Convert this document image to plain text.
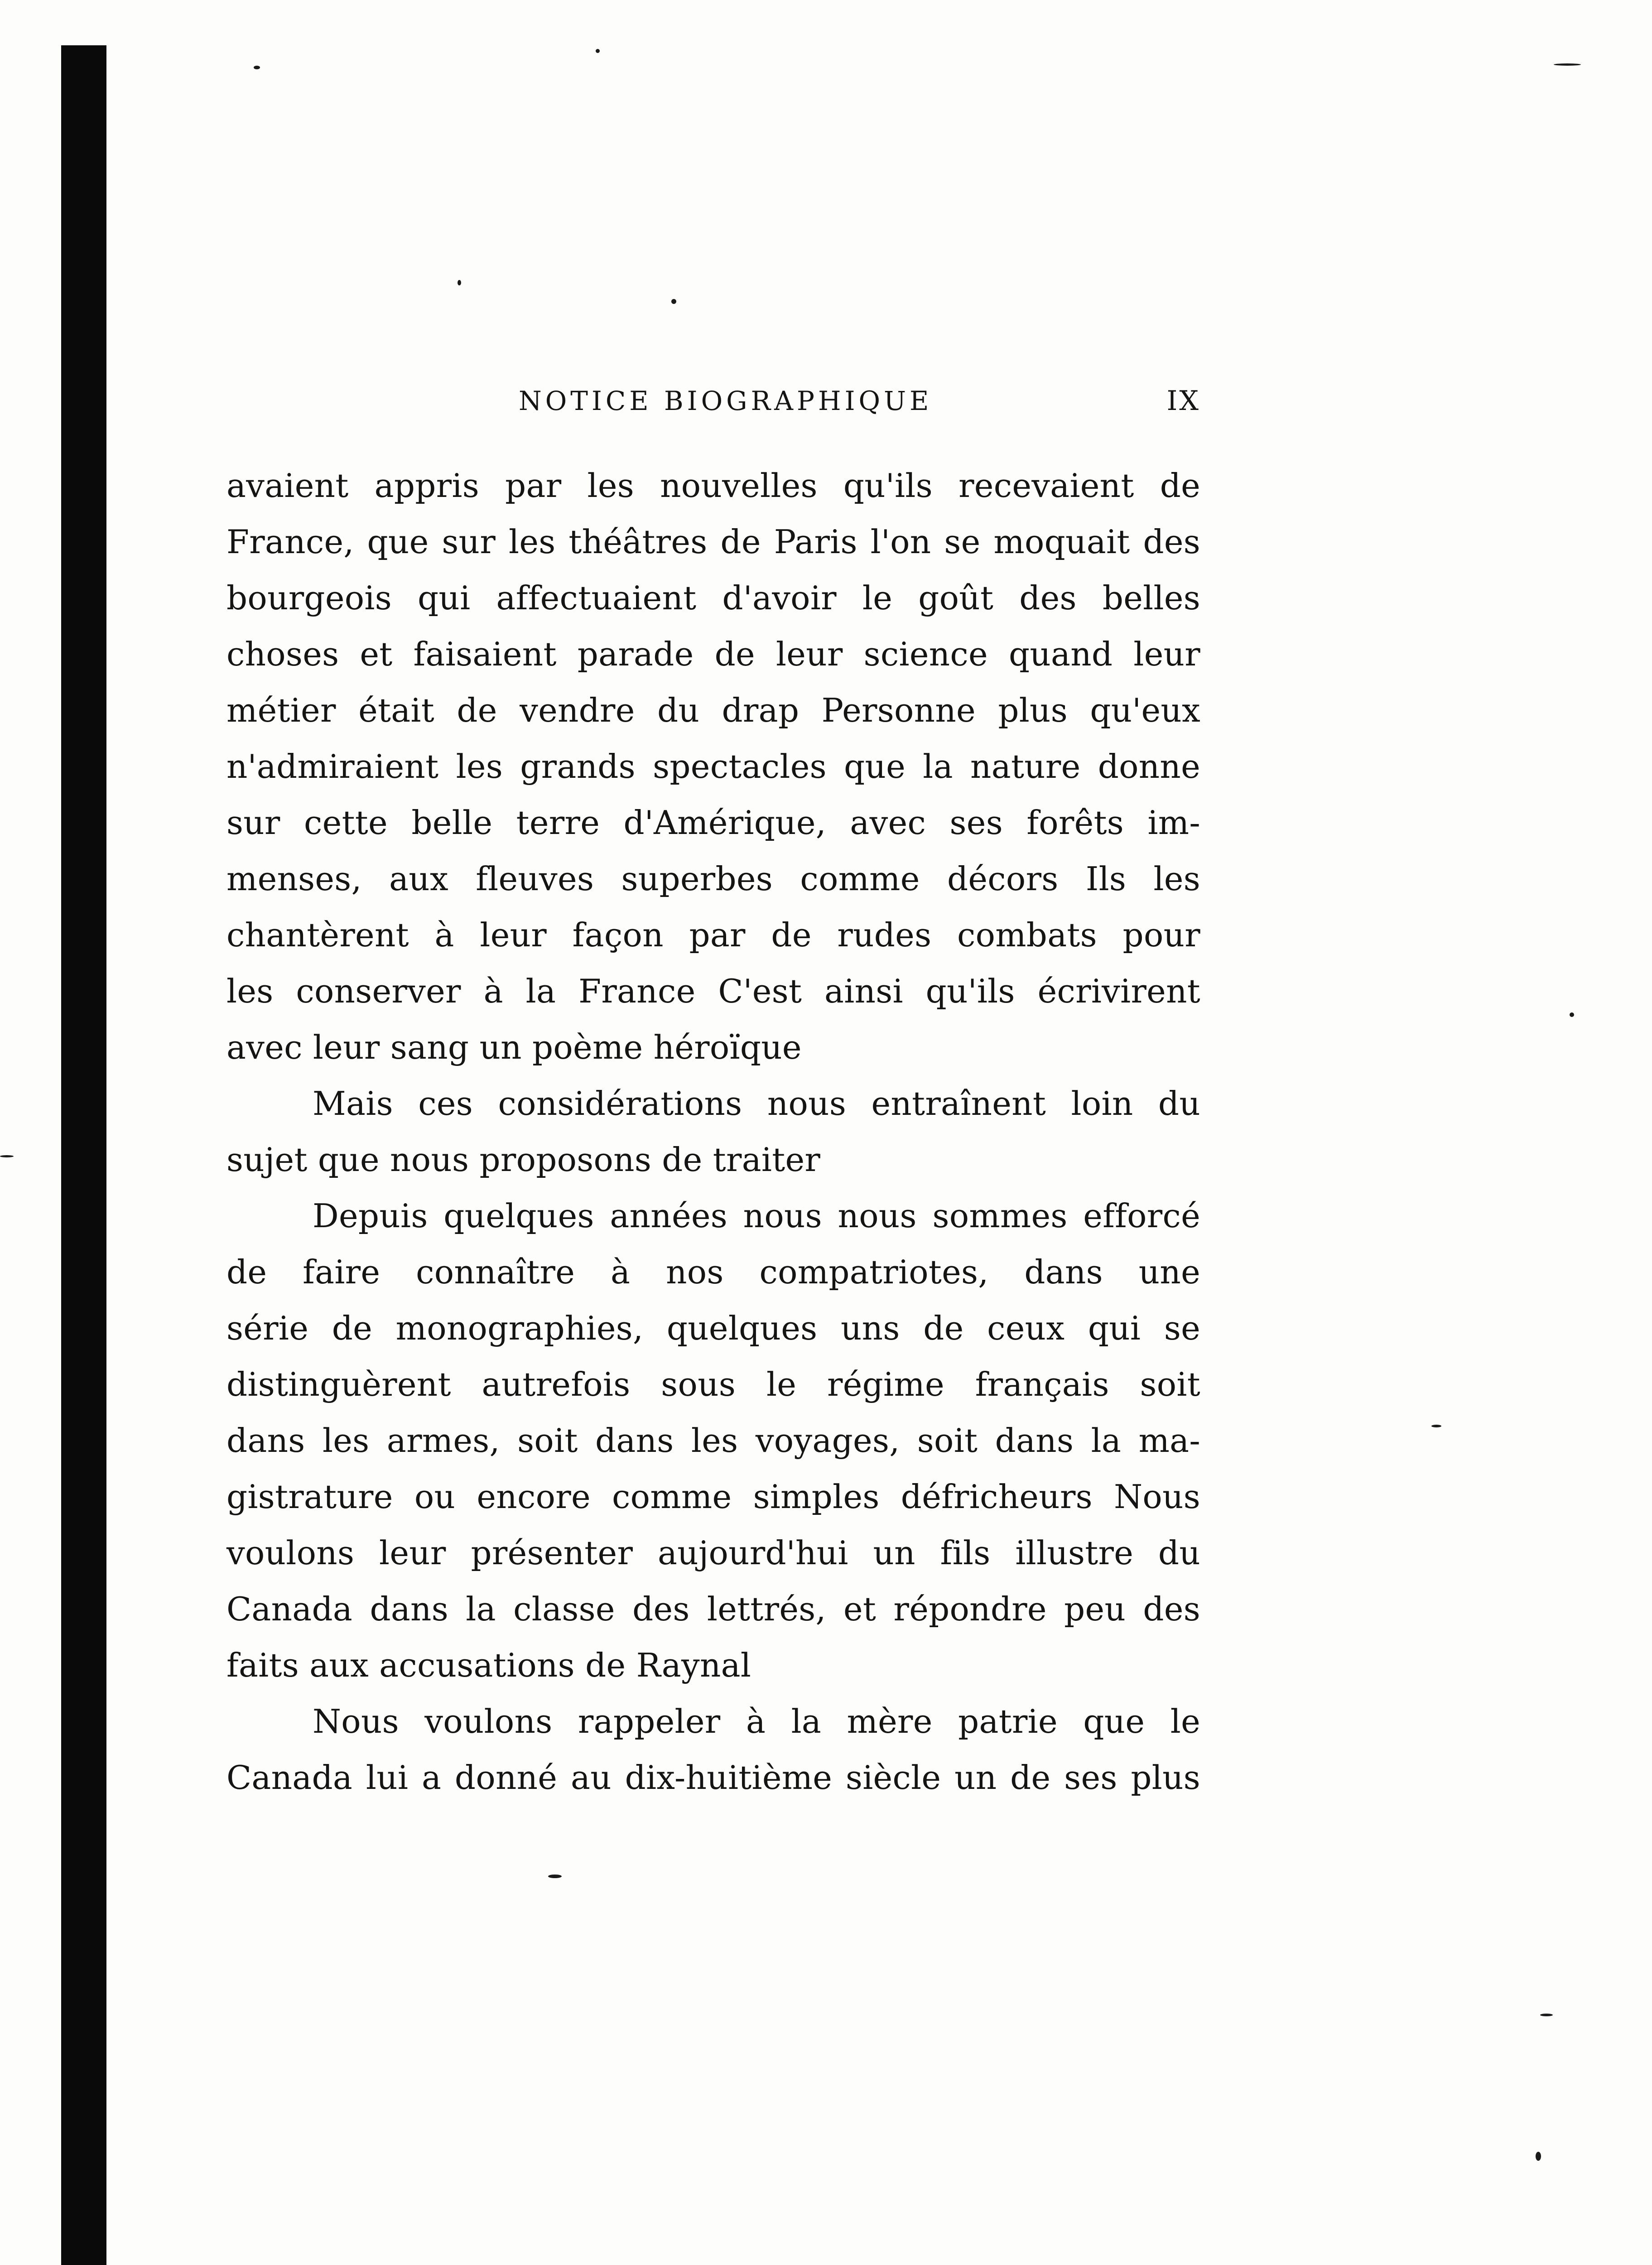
NOTICE BIOGRAPHIQUE	IX
avaient appris par les nouvelles qu'ils recevaient de
France, que sur les théâtres de Paris l'on se moquait des
bourgeois qui affectuaient d'avoir le goût des belles
choses et faisaient parade de leur science quand leur
métier était de vendre du drap Personne plus qu'eux
n'admiraient les grands spectacles que la nature donne
sur cette belle terre d'Amérique, avec ses forêts im-
menses, aux fleuves superbes comme décors Ils les
chantèrent à leur façon par de rudes combats pour
les conserver à la France C'est ainsi qu'ils écrivirent
avec leur sang un poème héroïque
Mais ces considérations nous entraînent loin du
sujet que nous proposons de traiter
Depuis quelques années nous nous sommes efforcé
de faire connaître à nos compatriotes, dans une
série de monographies, quelques uns de ceux qui se
distinguèrent autrefois sous le régime français soit
dans les armes, soit dans les voyages, soit dans la ma-
gistrature ou encore comme simples défricheurs Nous
voulons leur présenter aujourd'hui un fils illustre du
Canada dans la classe des lettrés, et répondre peu des
faits aux accusations de Raynal
Nous voulons rappeler à la mère patrie que le
Canada lui a donné au dix-huitième siècle un de ses plus
